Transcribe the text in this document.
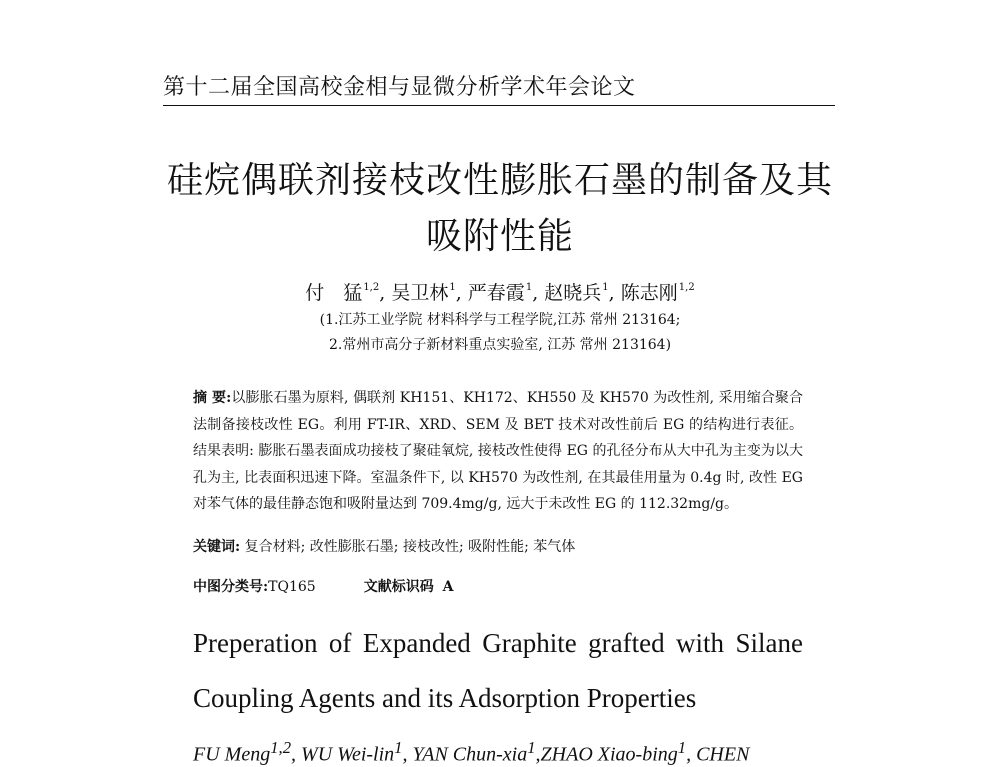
第十二届全国高校金相与显微分析学术年会论文
硅烷偶联剂接枝改性膨胀石墨的制备及其
吸附性能
付　猛$^{1,2}$, 吴卫林$^1$, 严春霞$^1$, 赵晓兵$^1$, 陈志刚$^{1,2}$
(1.江苏工业学院 材料科学与工程学院,江苏 常州 213164;
2.常州市高分子新材料重点实验室, 江苏 常州 213164)
摘 要:以膨胀石墨为原料, 偶联剂 KH151、KH172、KH550 及 KH570 为改性剂, 采用缩合聚合法制备接枝改性 EG。利用 FT-IR、XRD、SEM 及 BET 技术对改性前后 EG 的结构进行表征。结果表明: 膨胀石墨表面成功接枝了聚硅氧烷, 接枝改性使得 EG 的孔径分布从大中孔为主变为以大孔为主, 比表面积迅速下降。室温条件下, 以 KH570 为改性剂, 在其最佳用量为 0.4g 时, 改性 EG 对苯气体的最佳静态饱和吸附量达到 709.4mg/g, 远大于未改性 EG 的 112.32mg/g。
关键词: 复合材料; 改性膨胀石墨; 接枝改性; 吸附性能; 苯气体
中图分类号:TQ165	文献标识码 A
Preperation of Expanded Graphite grafted with Silane
Coupling Agents and its Adsorption Properties
FU Meng$^{1,2}$, WU Wei-lin$^1$, YAN Chun-xia$^1$,ZHAO Xiao-bing$^1$, CHEN
